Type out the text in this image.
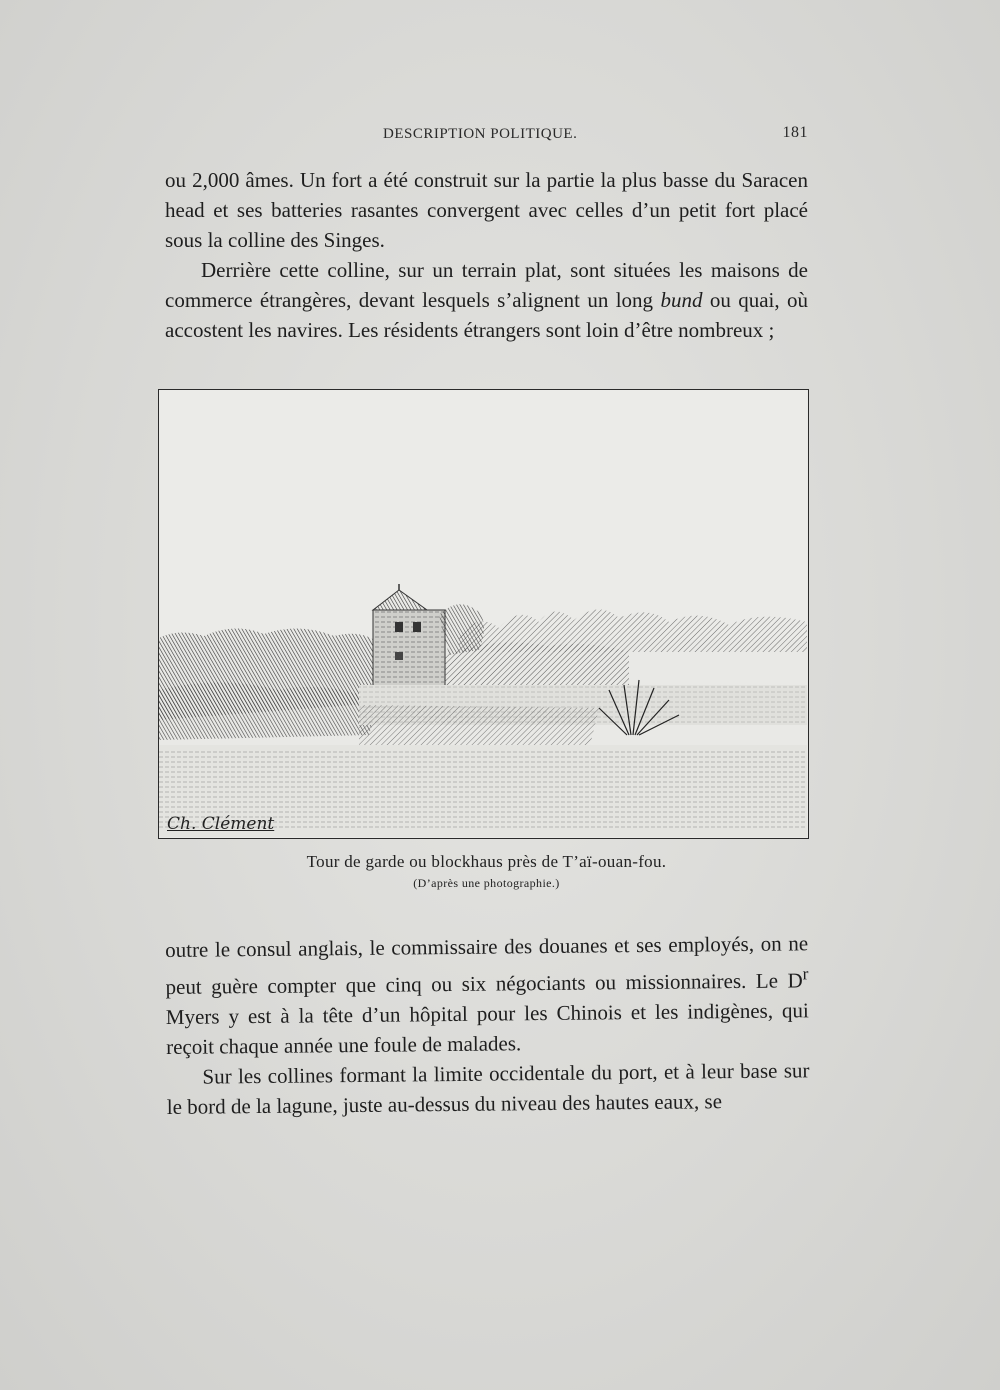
DESCRIPTION POLITIQUE.	181

ou 2,000 âmes. Un fort a été construit sur la partie la plus basse du Saracen head et ses batteries rasantes convergent avec celles d’un petit fort placé sous la colline des Singes.

Derrière cette colline, sur un terrain plat, sont situées les maisons de commerce étrangères, devant lesquels s’alignent un long bund ou quai, où accostent les navires. Les résidents étrangers sont loin d’être nombreux ;

Ch. Clément
Tour de garde ou blockhaus près de T’aï-ouan-fou.
(D’après une photographie.)

outre le consul anglais, le commissaire des douanes et ses employés, on ne peut guère compter que cinq ou six négociants ou missionnaires. Le $D^r$ Myers y est à la tête d’un hôpital pour les Chinois et les indigènes, qui reçoit chaque année une foule de malades.

Sur les collines formant la limite occidentale du port, et à leur base sur le bord de la lagune, juste au-dessus du niveau des hautes eaux, se
